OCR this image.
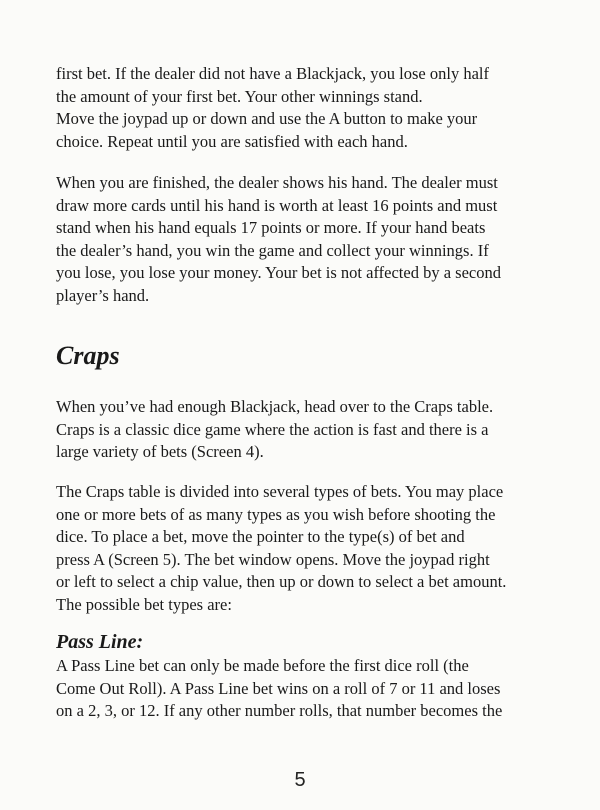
first bet. If the dealer did not have a Blackjack, you lose only half
the amount of your first bet. Your other winnings stand.
Move the joypad up or down and use the A button to make your
choice. Repeat until you are satisfied with each hand.

When you are finished, the dealer shows his hand. The dealer must
draw more cards until his hand is worth at least 16 points and must
stand when his hand equals 17 points or more. If your hand beats
the dealer’s hand, you win the game and collect your winnings. If
you lose, you lose your money. Your bet is not affected by a second
player’s hand.

Craps

When you’ve had enough Blackjack, head over to the Craps table.
Craps is a classic dice game where the action is fast and there is a
large variety of bets (Screen 4).

The Craps table is divided into several types of bets. You may place
one or more bets of as many types as you wish before shooting the
dice. To place a bet, move the pointer to the type(s) of bet and
press A (Screen 5). The bet window opens. Move the joypad right
or left to select a chip value, then up or down to select a bet amount.
The possible bet types are:

Pass Line:

A Pass Line bet can only be made before the first dice roll (the
Come Out Roll). A Pass Line bet wins on a roll of 7 or 11 and loses
on a 2, 3, or 12. If any other number rolls, that number becomes the

5
